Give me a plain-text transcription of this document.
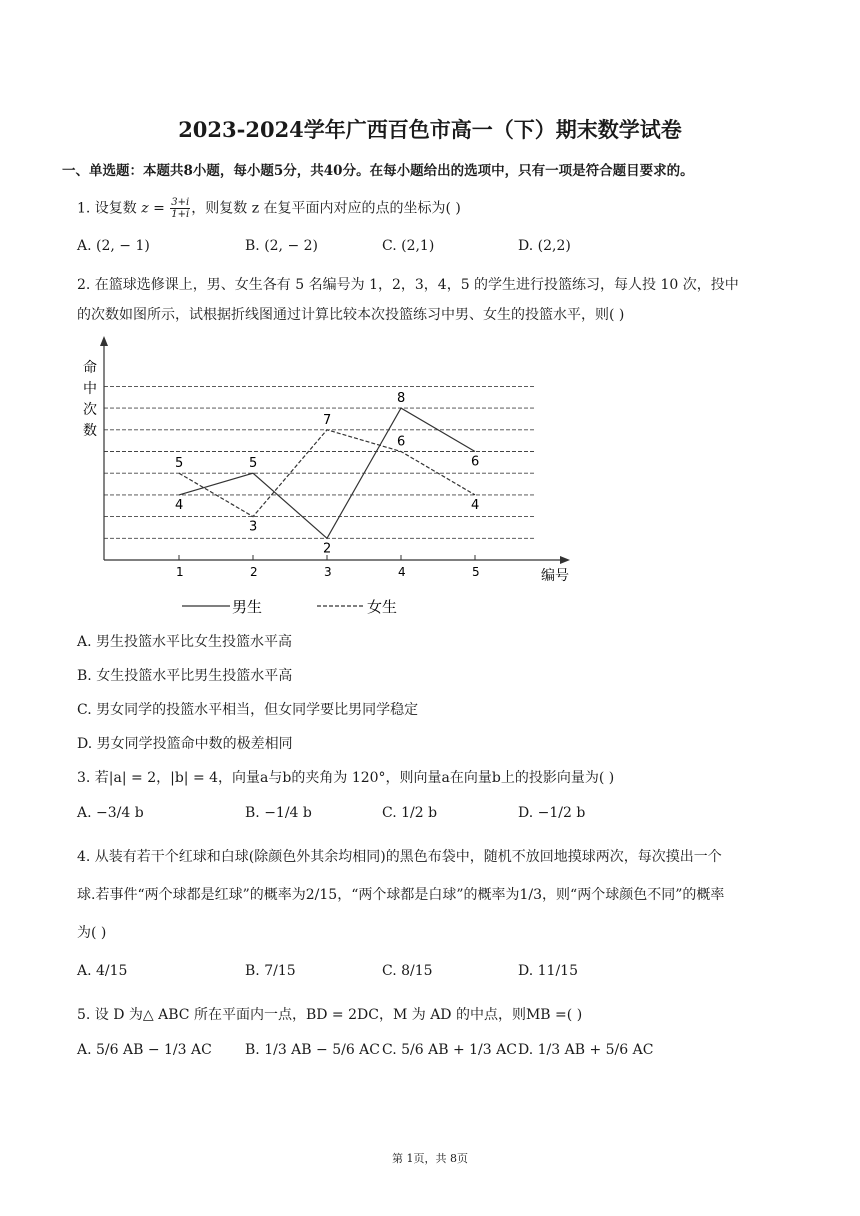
2023-2024学年广西百色市高一（下）期末数学试卷
一、单选题：本题共8小题，每小题5分，共40分。在每小题给出的选项中，只有一项是符合题目要求的。
1. 设复数 $z = \frac{3+i}{1+i}$ ，则复数 z 在复平面内对应的点的坐标为( )
A. (2, − 1)	B. (2, − 2)	C. (2,1)	D. (2,2)
2. 在篮球选修课上，男、女生各有 5 名编号为 1，2，3，4，5 的学生进行投篮练习，每人投 10 次，投中
的次数如图所示，试根据折线图通过计算比较本次投篮练习中男、女生的投篮水平，则( )
1	2	3	4	5
4
5
2
8
6
5
3
7
6
4
命
中
次
数
编号
男生	女生
A. 男生投篮水平比女生投篮水平高
B. 女生投篮水平比男生投篮水平高
C. 男女同学的投篮水平相当，但女同学要比男同学稳定
D. 男女同学投篮命中数的极差相同
3. 若|a| = 2，|b| = 4，向量a与b的夹角为 120°，则向量a在向量b上的投影向量为( )
A. −3/4 b	B. −1/4 b	C. 1/2 b	D. −1/2 b
4. 从装有若干个红球和白球(除颜色外其余均相同)的黑色布袋中，随机不放回地摸球两次，每次摸出一个
球.若事件“两个球都是红球”的概率为2/15，“两个球都是白球”的概率为1/3，则“两个球颜色不同”的概率
为( )
A. 4/15	B. 7/15	C. 8/15	D. 11/15
5. 设 D 为△ ABC 所在平面内一点，BD = 2DC，M 为 AD 的中点，则MB =( )
A. 5/6 AB − 1/3 AC B. 1/3 AB − 5/6 AC C. 5/6 AB + 1/3 AC D. 1/3 AB + 5/6 AC
第 1页，共 8页
